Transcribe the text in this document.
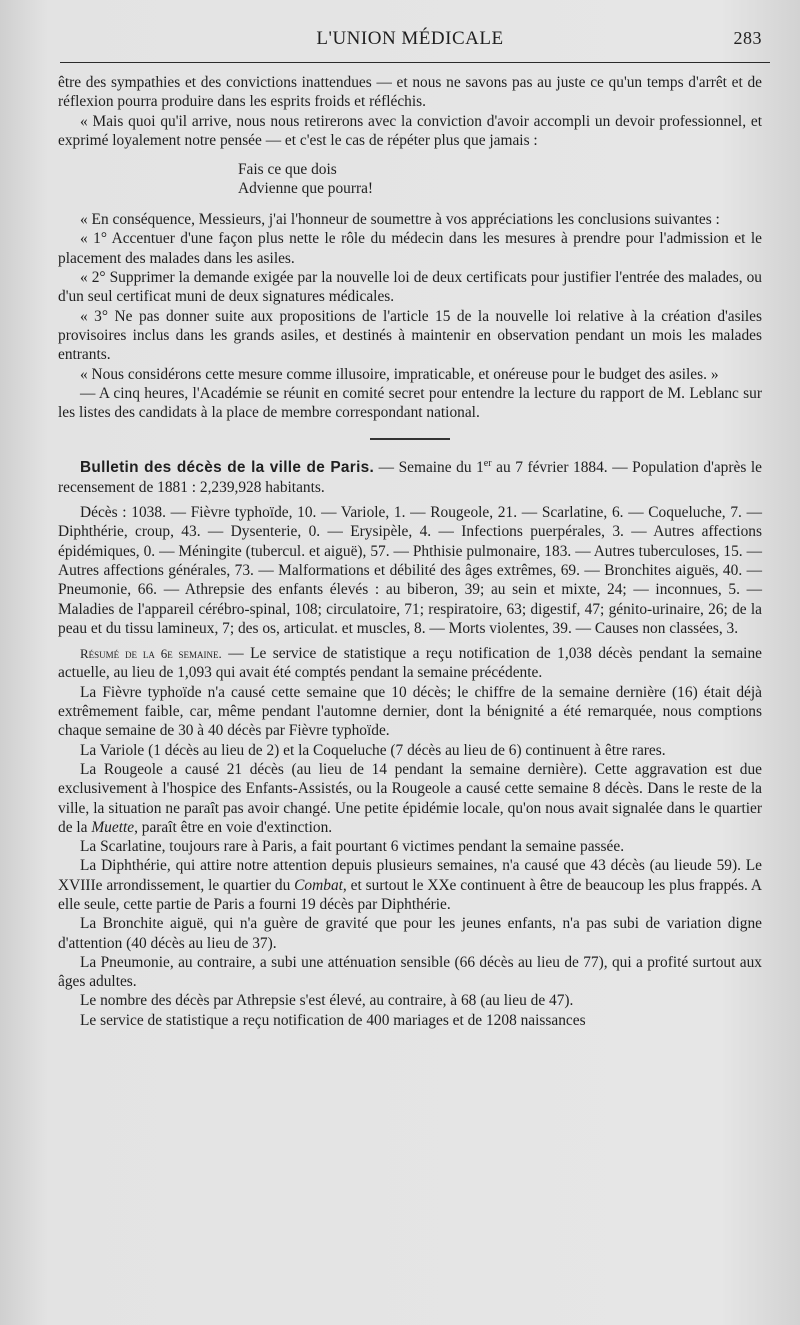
L'UNION MÉDICALE	283

être des sympathies et des convictions inattendues — et nous ne savons pas au juste ce qu'un temps d'arrêt et de réflexion pourra produire dans les esprits froids et réfléchis.

« Mais quoi qu'il arrive, nous nous retirerons avec la conviction d'avoir accompli un devoir professionnel, et exprimé loyalement notre pensée — et c'est le cas de répéter plus que jamais :

Fais ce que dois
Advienne que pourra!

« En conséquence, Messieurs, j'ai l'honneur de soumettre à vos appréciations les conclusions suivantes :

« 1° Accentuer d'une façon plus nette le rôle du médecin dans les mesures à prendre pour l'admission et le placement des malades dans les asiles.

« 2° Supprimer la demande exigée par la nouvelle loi de deux certificats pour justifier l'entrée des malades, ou d'un seul certificat muni de deux signatures médicales.

« 3° Ne pas donner suite aux propositions de l'article 15 de la nouvelle loi relative à la création d'asiles provisoires inclus dans les grands asiles, et destinés à maintenir en observation pendant un mois les malades entrants.

« Nous considérons cette mesure comme illusoire, impraticable, et onéreuse pour le budget des asiles. »

— A cinq heures, l'Académie se réunit en comité secret pour entendre la lecture du rapport de M. Leblanc sur les listes des candidats à la place de membre correspondant national.

Bulletin des décès de la ville de Paris. — Semaine du 1er au 7 février 1884. — Population d'après le recensement de 1881 : 2,239,928 habitants.

Décès : 1038. — Fièvre typhoïde, 10. — Variole, 1. — Rougeole, 21. — Scarlatine, 6. — Coqueluche, 7. — Diphthérie, croup, 43. — Dysenterie, 0. — Erysipèle, 4. — Infections puerpérales, 3. — Autres affections épidémiques, 0. — Méningite (tubercul. et aiguë), 57. — Phthisie pulmonaire, 183. — Autres tuberculoses, 15. — Autres affections générales, 73. — Malformations et débilité des âges extrêmes, 69. — Bronchites aiguës, 40. — Pneumonie, 66. — Athrepsie des enfants élevés : au biberon, 39; au sein et mixte, 24; — inconnues, 5. — Maladies de l'appareil cérébro-spinal, 108; circulatoire, 71; respiratoire, 63; digestif, 47; génito-urinaire, 26; de la peau et du tissu lamineux, 7; des os, articulat. et muscles, 8. — Morts violentes, 39. — Causes non classées, 3.

Résumé de la 6e semaine. — Le service de statistique a reçu notification de 1,038 décès pendant la semaine actuelle, au lieu de 1,093 qui avait été comptés pendant la semaine précédente.

La Fièvre typhoïde n'a causé cette semaine que 10 décès; le chiffre de la semaine dernière (16) était déjà extrêmement faible, car, même pendant l'automne dernier, dont la bénignité a été remarquée, nous comptions chaque semaine de 30 à 40 décès par Fièvre typhoïde.

La Variole (1 décès au lieu de 2) et la Coqueluche (7 décès au lieu de 6) continuent à être rares.

La Rougeole a causé 21 décès (au lieu de 14 pendant la semaine dernière). Cette aggravation est due exclusivement à l'hospice des Enfants-Assistés, ou la Rougeole a causé cette semaine 8 décès. Dans le reste de la ville, la situation ne paraît pas avoir changé. Une petite épidémie locale, qu'on nous avait signalée dans le quartier de la Muette, paraît être en voie d'extinction.

La Scarlatine, toujours rare à Paris, a fait pourtant 6 victimes pendant la semaine passée.

La Diphthérie, qui attire notre attention depuis plusieurs semaines, n'a causé que 43 décès (au lieude 59). Le XVIIIe arrondissement, le quartier du Combat, et surtout le XXe continuent à être de beaucoup les plus frappés. A elle seule, cette partie de Paris a fourni 19 décès par Diphthérie.

La Bronchite aiguë, qui n'a guère de gravité que pour les jeunes enfants, n'a pas subi de variation digne d'attention (40 décès au lieu de 37).

La Pneumonie, au contraire, a subi une atténuation sensible (66 décès au lieu de 77), qui a profité surtout aux âges adultes.

Le nombre des décès par Athrepsie s'est élevé, au contraire, à 68 (au lieu de 47).

Le service de statistique a reçu notification de 400 mariages et de 1208 naissances
